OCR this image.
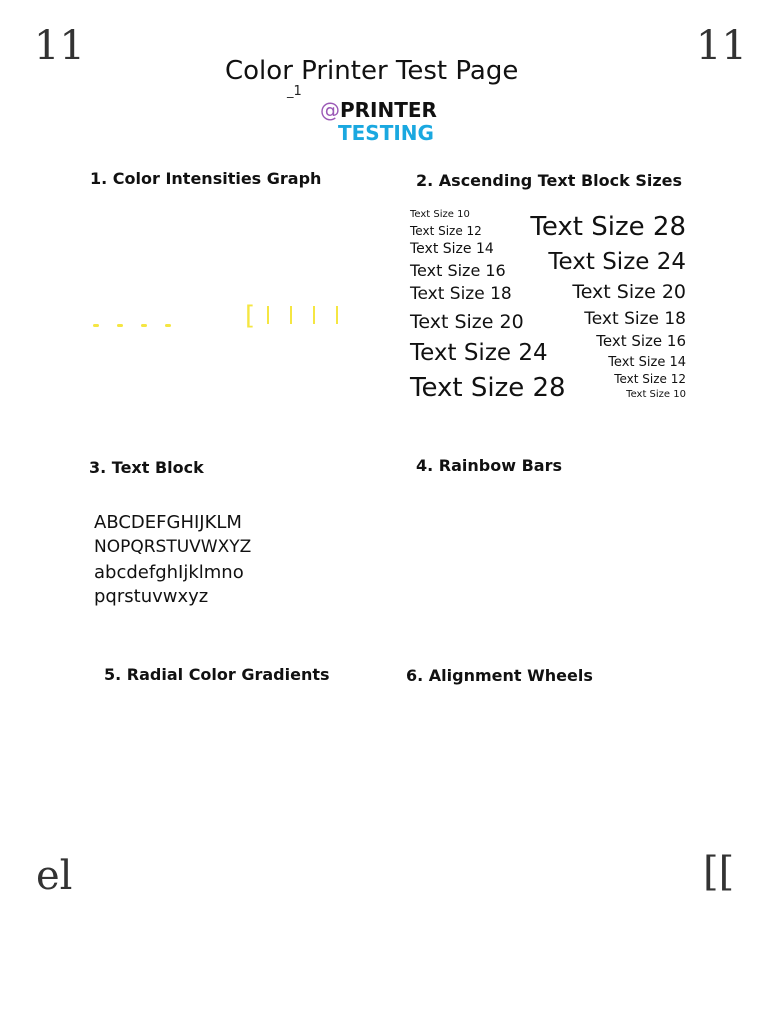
11	11
el	[[
Color Printer Test Page
_1
@PRINTER
TESTING
1. Color Intensities Graph	2. Ascending Text Block Sizes
3. Text Block	4. Rainbow Bars
5. Radial Color Gradients	6. Alignment Wheels
[
Text Size 10
Text Size 12
Text Size 14
Text Size 16
Text Size 18
Text Size 20
Text Size 24
Text Size 28
Text Size 28
Text Size 24
Text Size 20
Text Size 18
Text Size 16
Text Size 14
Text Size 12
Text Size 10
ABCDEFGHIJKLM
NOPQRSTUVWXYZ
abcdefghIjklmno
pqrstuvwxyz
